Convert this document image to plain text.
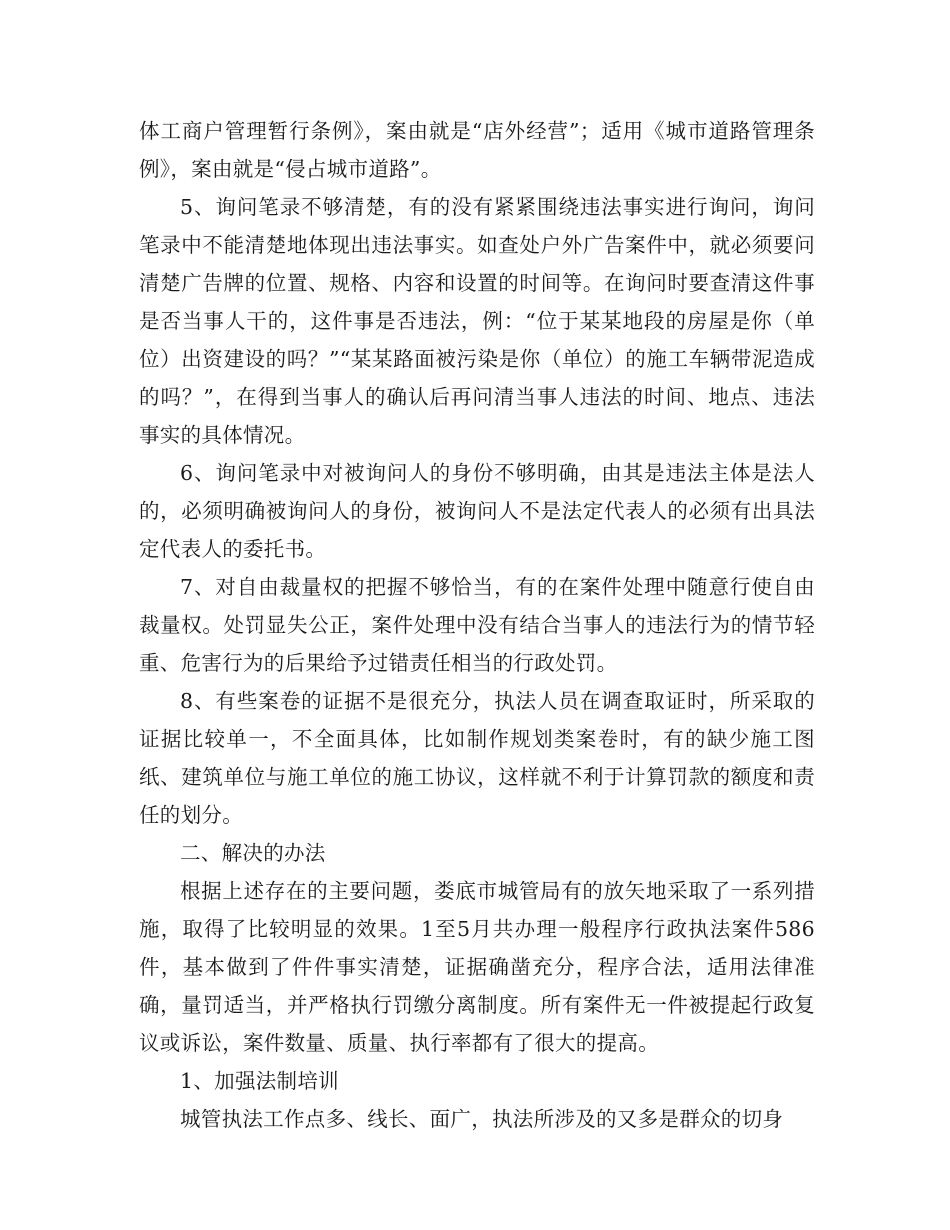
体工商户管理暂行条例》，案由就是“店外经营”；适用《城市道路管理条例》，案由就是“侵占城市道路”。

5、询问笔录不够清楚，有的没有紧紧围绕违法事实进行询问，询问笔录中不能清楚地体现出违法事实。如查处户外广告案件中，就必须要问清楚广告牌的位置、规格、内容和设置的时间等。在询问时要查清这件事是否当事人干的，这件事是否违法，例：“位于某某地段的房屋是你（单位）出资建设的吗？”“某某路面被污染是你（单位）的施工车辆带泥造成的吗？”，在得到当事人的确认后再问清当事人违法的时间、地点、违法事实的具体情况。

6、询问笔录中对被询问人的身份不够明确，由其是违法主体是法人的，必须明确被询问人的身份，被询问人不是法定代表人的必须有出具法定代表人的委托书。

7、对自由裁量权的把握不够恰当，有的在案件处理中随意行使自由裁量权。处罚显失公正，案件处理中没有结合当事人的违法行为的情节轻重、危害行为的后果给予过错责任相当的行政处罚。

8、有些案卷的证据不是很充分，执法人员在调查取证时，所采取的证据比较单一，不全面具体，比如制作规划类案卷时，有的缺少施工图纸、建筑单位与施工单位的施工协议，这样就不利于计算罚款的额度和责任的划分。

二、解决的办法

根据上述存在的主要问题，娄底市城管局有的放矢地采取了一系列措施，取得了比较明显的效果。1至5月共办理一般程序行政执法案件586件，基本做到了件件事实清楚，证据确凿充分，程序合法，适用法律准确，量罚适当，并严格执行罚缴分离制度。所有案件无一件被提起行政复议或诉讼，案件数量、质量、执行率都有了很大的提高。

1、加强法制培训

城管执法工作点多、线长、面广，执法所涉及的又多是群众的切身
